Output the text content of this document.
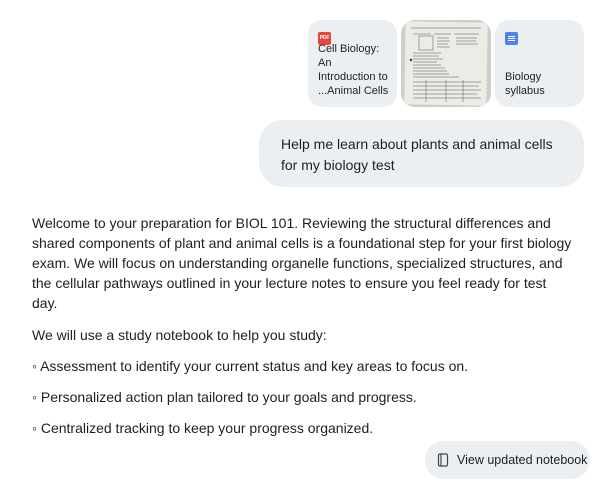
PDF
Cell Biology: An Introduction to ...Animal Cells
Biology syllabus
Help me learn about plants and animal cells for my biology test

Welcome to your preparation for BIOL 101. Reviewing the structural differences and shared components of plant and animal cells is a foundational step for your first biology exam. We will focus on understanding organelle functions, specialized structures, and the cellular pathways outlined in your lecture notes to ensure you feel ready for test day.

We will use a study notebook to help you study:

◦ Assessment to identify your current status and key areas to focus on.

◦ Personalized action plan tailored to your goals and progress.

◦ Centralized tracking to keep your progress organized.

View updated notebook
